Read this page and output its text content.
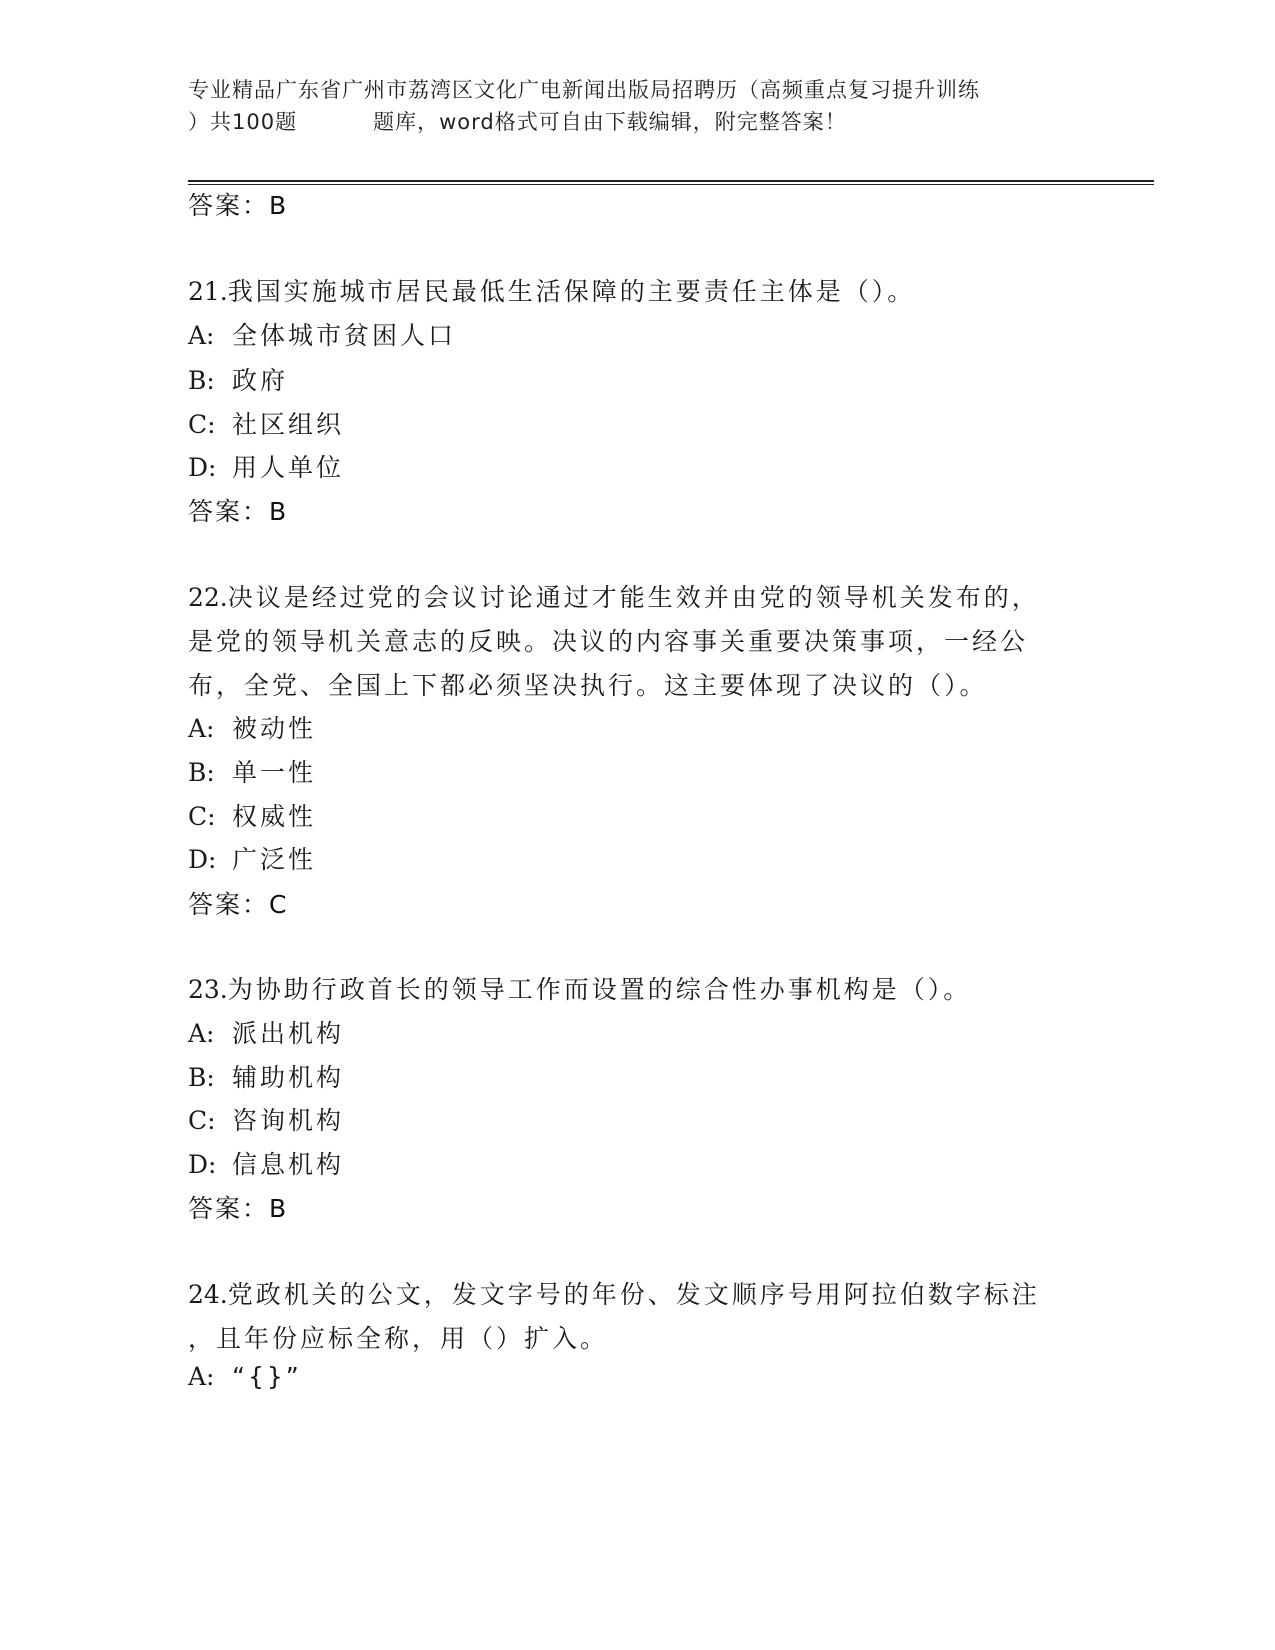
专业精品广东省广州市荔湾区文化广电新闻出版局招聘历（高频重点复习提升训练
）共100题	题库，word格式可自由下载编辑，附完整答案！
答案：B
21.我国实施城市居民最低生活保障的主要责任主体是（）。
A: 全体城市贫困人口
B: 政府
C: 社区组织
D: 用人单位
答案：B
22.决议是经过党的会议讨论通过才能生效并由党的领导机关发布的，
是党的领导机关意志的反映。决议的内容事关重要决策事项，一经公
布，全党、全国上下都必须坚决执行。这主要体现了决议的（）。
A: 被动性
B: 单一性
C: 权威性
D: 广泛性
答案：C
23.为协助行政首长的领导工作而设置的综合性办事机构是（）。
A: 派出机构
B: 辅助机构
C: 咨询机构
D: 信息机构
答案：B
24.党政机关的公文，发文字号的年份、发文顺序号用阿拉伯数字标注
，且年份应标全称，用（）扩入。
A: “{}”
